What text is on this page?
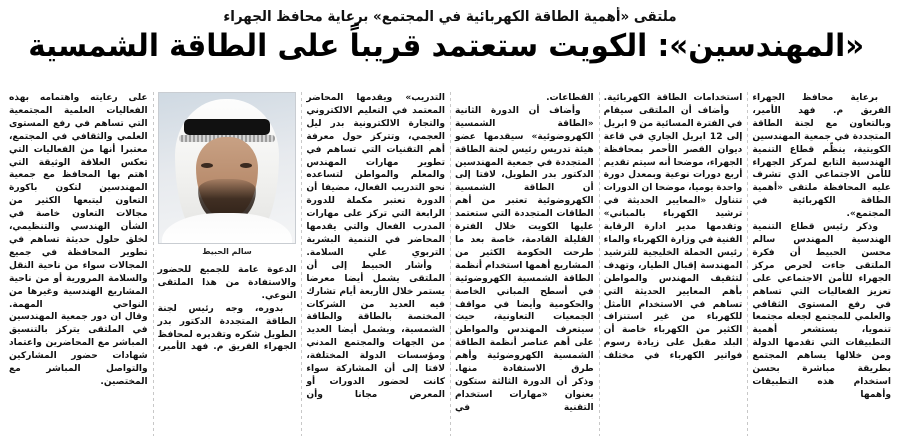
ملتقى «أهمية الطاقة الكهربائية في المجتمع» برعاية محافظ الجهراء
«المهندسين»: الكويت ستعتمد قريباً على الطاقة الشمسية

برعاية محافظ الجهراء الفريق م. فهد الأمير، وبالتعاون مع لجنة الطاقة المتجددة في جمعية المهندسين الكويتية، ينظّم قطاع التنمية الهندسية التابع لمركز الجهراء للأمن الاجتماعي الذي تشرف عليه المحافظة ملتقى «أهمية الطاقة الكهربائية في المجتمع».

وذكر رئيس قطاع التنمية الهندسية المهندس سالم محسن الحبيط أن فكرة الملتقى جاءت لحرص مركز الجهراء للأمن الاجتماعي على تعزيز الفعاليات التي تساهم في رفع المستوى الثقافي والعلمي للمجتمع لجعله مجتمعا تنمويا، يستشعر أهمية التطبيقات التي تقدمها الدولة ومن خلالها يساهم المجتمع بطريقة مباشرة بحسن استخدام هذه التطبيقات وأهمها

استخدامات الطاقة الكهربائية.

وأضاف أن الملتقى سيقام في الفترة المسائية من 9 ابريل إلى 12 ابريل الجاري في قاعة ديوان القصر الأحمر بمحافظة الجهراء، موضحا أنه سيتم تقديم أربع دورات نوعية وبمعدل دورة واحدة يوميا، موضحا ان الدورات تتناول «المعايير الحديثة في ترشيد الكهرباء بالمباني» وتقدمها مدير ادارة الرقابة الفنية في وزارة الكهرباء والماء رئيس الحملة الخليجية للترشيد المهندسة إقبال الطيار، وتهدف لتثقيف المهندس والمواطن بأهم المعايير الحديثة التي تساهم في الاستخدام الأمثل للكهرباء من غير استنزاف الكثير من الكهرباء خاصة أن البلد مقبل على زيادة رسوم فواتير الكهرباء في مختلف

القطاعات.

وأضاف أن الدورة الثانية «الطاقة الشمسية الكهروضوئية» سيقدمها عضو هيئة تدريس رئيس لجنة الطاقة المتجددة في جمعية المهندسين الدكتور بدر الطويل، لافتا إلى أن الطاقة الشمسية الكهروضوئية تعتبر من أهم الطاقات المتجددة التي ستعتمد عليها الكويت خلال الفترة القليلة القادمة، خاصة بعد ما طرحت الحكومة الكثير من المشاريع أهمها استخدام أنظمة الطاقة الشمسية الكهروضوئية في أسطح المباني الخاصة والحكومية وأيضا في مواقف الجمعيات التعاونية، حيث سيتعرف المهندس والمواطن على أهم عناصر أنظمة الطاقة الشمسية الكهروضوئية وأهم طرق الاستفادة منها.

وذكر أن الدورة الثالثة ستكون بعنوان «مهارات استخدام التقنية في

التدريب» ويقدمها المحاضر المعتمد في التعليم الالكتروني والتجارة الالكترونية بدر ليل العجمي، وتتركز حول معرفة أهم التقنيات التي تساهم في تطوير مهارات المهندس والمعلم والمواطن لتساعده نحو التدريب الفعال، مضيفا أن الدورة تعتبر مكملة للدورة الرابعة التي تركز على مهارات المدرب الفعال والتي يقدمها المحاضر في التنمية البشرية التربوي علي السلامة.

وأشار الحبيط إلى أن الملتقى يشمل أيضا معرضا يستمر خلال الأربعة أيام تشارك فيه العديد من الشركات المختصة بالطاقة والطاقة الشمسية، ويشمل أيضا العديد من الجهات والمجتمع المدني ومؤسسات الدولة المختلفة، لافتا إلى أن المشاركة سواء كانت لحضور الدورات أو المعرض مجانا وأن

سالم الحبيط

الدعوة عامة للجميع للحضور والاستفادة من هذا الملتقى النوعي.

بدوره، وجه رئيس لجنة الطاقة المتجددة الدكتور بدر الطويل شكره وتقديره لمحافظ الجهراء الفريق م. فهد الأمير،

على رعايته واهتمامه بهذه الفعاليات العلمية المجتمعية التي تساهم في رفع المستوى العلمي والثقافي في المجتمع، معتبرا أنها من الفعاليات التي تعكس العلاقة الوثيقة التي اهتم بها المحافظ مع جمعية المهندسين لتكون باكورة التعاون ليتبعها الكثير من مجالات التعاون خاصة في الشأن الهندسي والتنظيمي، لخلق حلول حديثة تساهم في تطوير المحافظة في جميع المجالات سواء من ناحية النقل والسلامة المرورية أو من ناحية المشاريع الهندسية وغيرها من النواحي المهمة.

وقال ان دور جمعية المهندسين في الملتقى يتركز بالتنسيق المباشر مع المحاضرين واعتماد شهادات حضور المشاركين والتواصل المباشر مع المختصين.
